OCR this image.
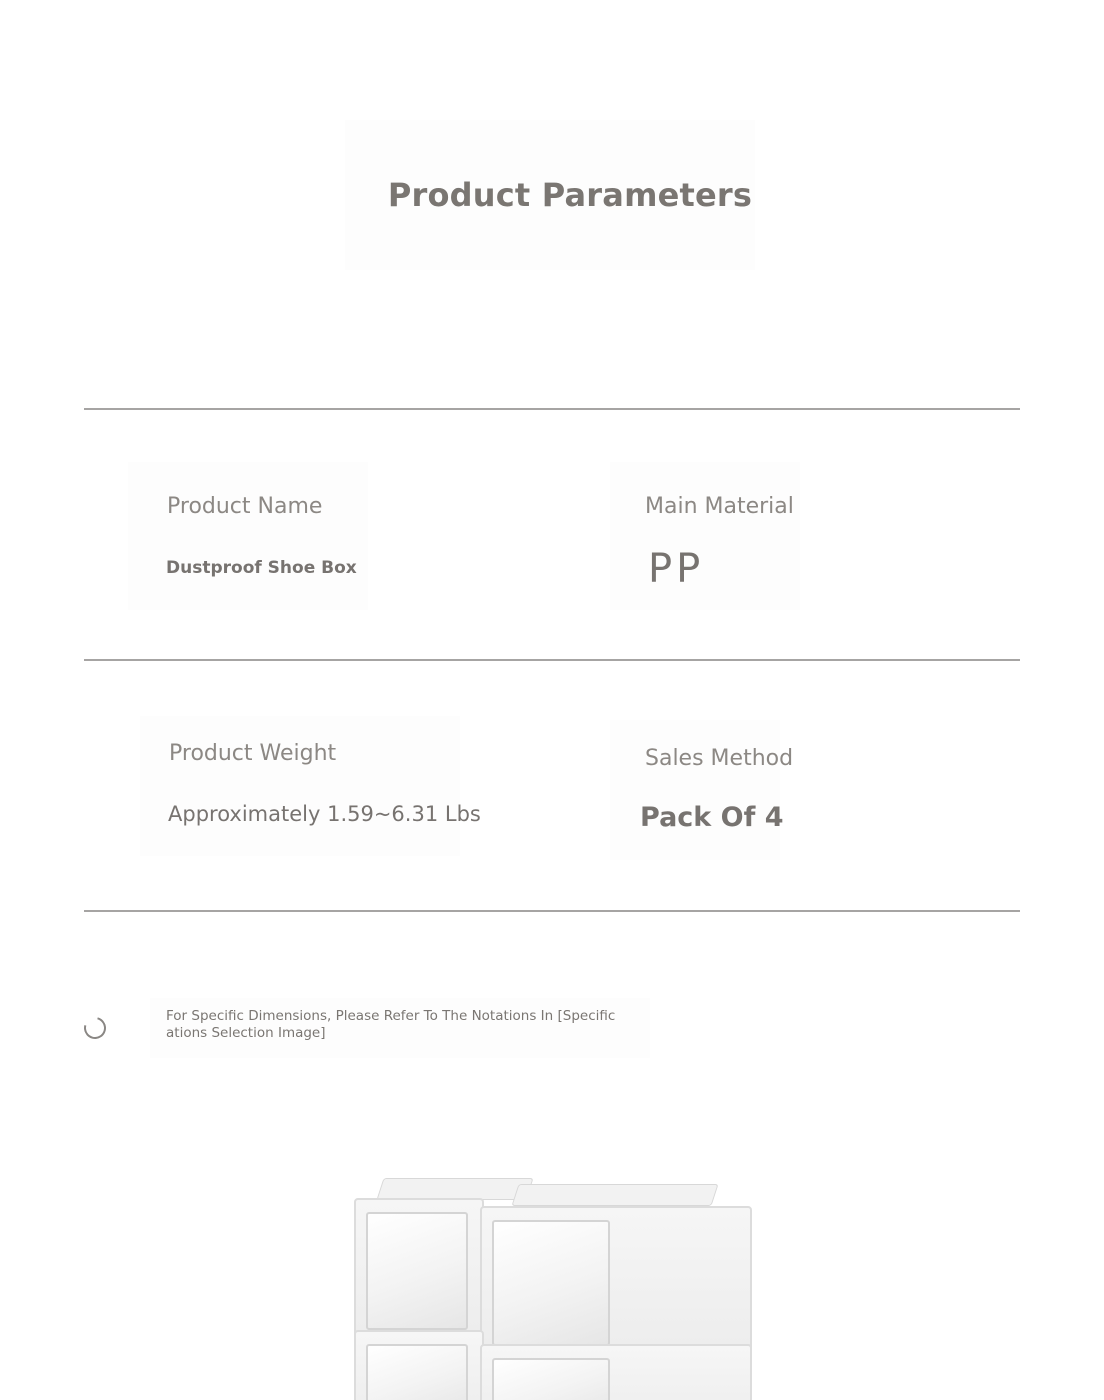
Product Parameters
Product Name
Dustproof Shoe Box
Main Material
PP
Product Weight
Approximately 1.59~6.31 Lbs
Sales Method
Pack Of 4

For Specific Dimensions, Please Refer To The Notations In [Specifications Selection Image]
